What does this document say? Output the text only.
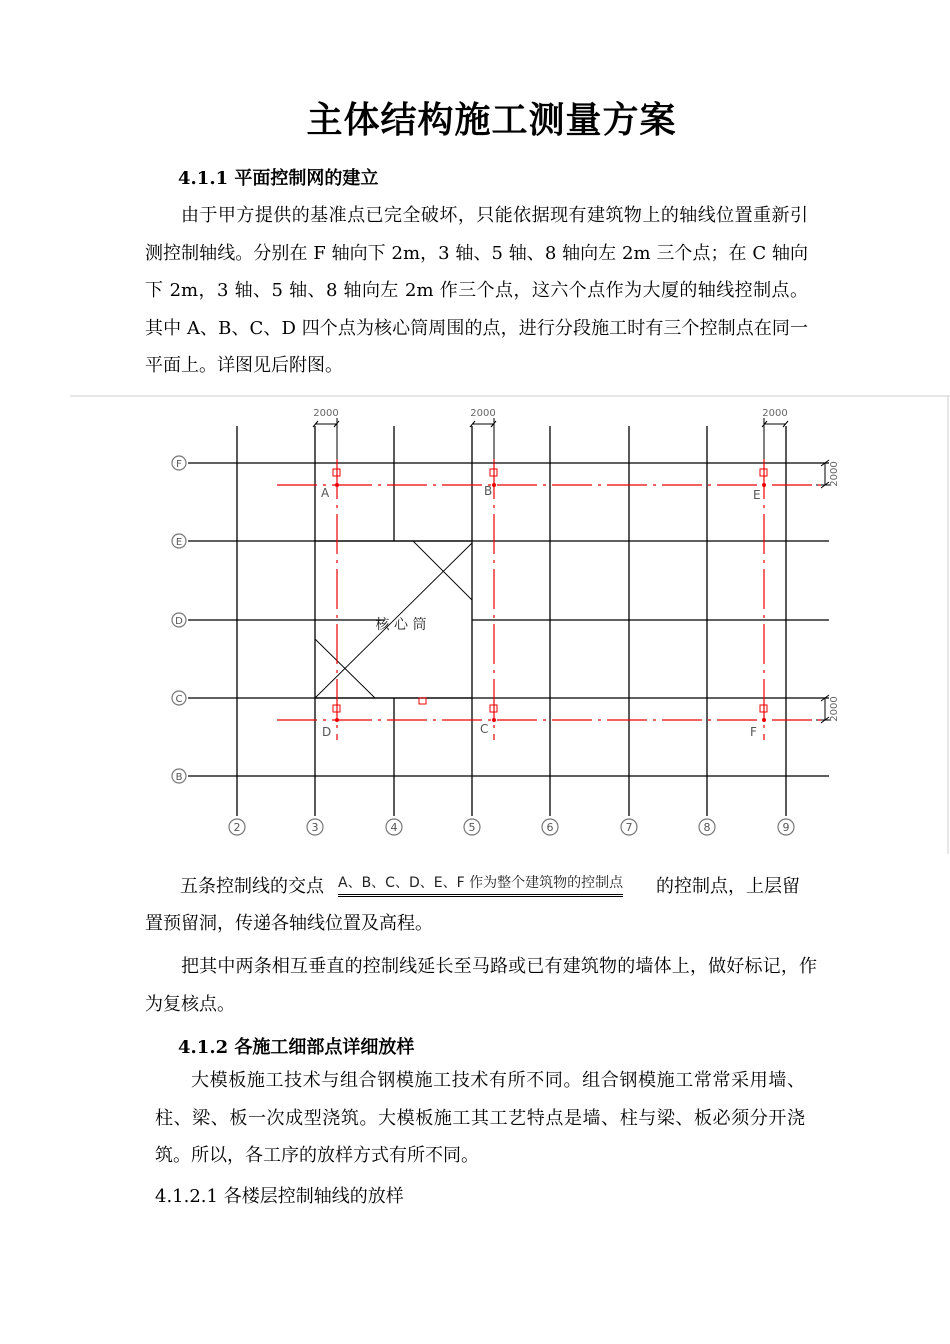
主体结构施工测量方案
4.1.1 平面控制网的建立
由于甲方提供的基准点已完全破坏，只能依据现有建筑物上的轴线位置重新引测控制轴线。分别在 F 轴向下 2m，3 轴、5 轴、8 轴向左 2m 三个点；在 C 轴向下 2m，3 轴、5 轴、8 轴向左 2m 作三个点，这六个点作为大厦的轴线控制点。其中 A、B、C、D 四个点为核心筒周围的点，进行分段施工时有三个控制点在同一平面上。详图见后附图。
F
E
D
C
B
2	3	4	5	6	7	8	9
2000	2000	2000
2000
2000
A	B	E
D	C	F
核 心 筒
五条控制线的交点 A、B、C、D、E、F 作为整个建筑物的控制点 的控制点，上层留
置预留洞，传递各轴线位置及高程。
把其中两条相互垂直的控制线延长至马路或已有建筑物的墙体上，做好标记，作为复核点。
4.1.2 各施工细部点详细放样
大模板施工技术与组合钢模施工技术有所不同。组合钢模施工常常采用墙、柱、梁、板一次成型浇筑。大模板施工其工艺特点是墙、柱与梁、板必须分开浇筑。所以，各工序的放样方式有所不同。
4.1.2.1 各楼层控制轴线的放样
